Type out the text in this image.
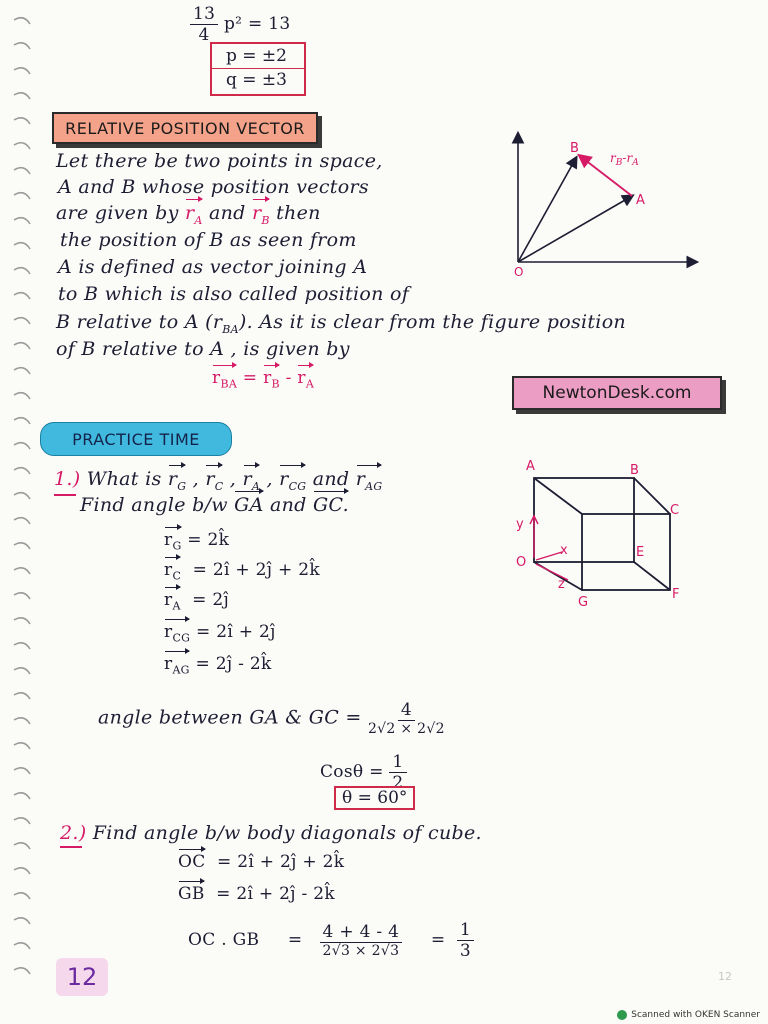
$\frac{13}{4} p^2 = 13$
p = ±2
q = ±3
RELATIVE POSITION VECTOR
Let there be two points in space,
A and B whose position vectors
are given by $r_A$ and $r_B$ then
the position of B as seen from
A is defined as vector joining A
to B which is also called position of
B relative to A $(r_{BA})$. As it is clear from the figure position
of B relative to A , is given by
$r_{BA} = r_B - r_A$
B
A
O
$r_B-r_A$
NewtonDesk.com
PRACTICE TIME
1.) What is $r_G$ , $r_C$ , $r_A$ , $r_{CG}$ and $r_{AG}$
Find angle b/w GA and GC.
$r_G$ = 2k̂
$r_C$ = 2î + 2ĵ + 2k̂
$r_A$ = 2ĵ
$r_{CG}$ = 2î + 2ĵ
$r_{AG}$ = 2ĵ - 2k̂
angle between GA & GC = $\frac{4}{2√2 \times 2√2}$
$Cos\theta = \frac{1}{2}$
θ = 60°
A	B
C
O
E
G
F
y
x
z
2.) Find angle b/w body diagonals of cube.
OC = 2î + 2ĵ + 2k̂
GB = 2î + 2ĵ - 2k̂
OC . GB = $\frac{4 + 4 - 4}{2√3 \times 2√3} = \frac{1}{3}$
12	12
Scanned with OKEN Scanner
